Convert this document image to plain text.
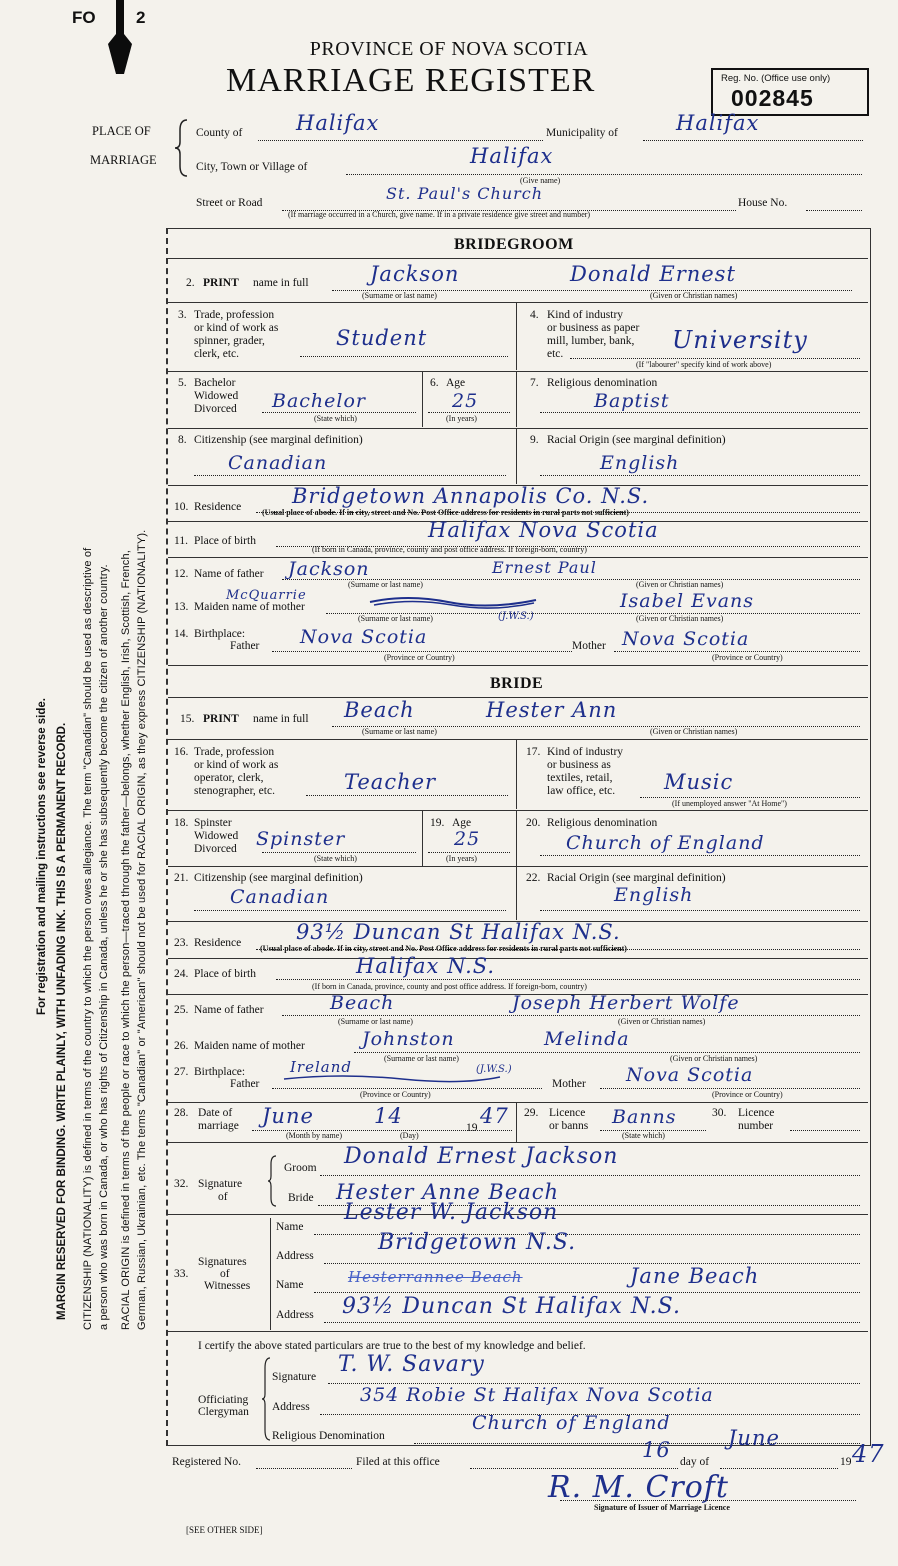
FO 2
PROVINCE OF NOVA SCOTIA
MARRIAGE REGISTER	Reg. No. (Office use only)
002845
PLACE OF
MARRIAGE
County of	Halifax	Municipality of	Halifax
City, Town or Village of	Halifax
(Give name)
Street or Road	St. Paul's Church	House No.
(If marriage occurred in a Church, give name. If in a private residence give street and number)
For registration and mailing instructions see reverse side. MARGIN RESERVED FOR BINDING. WRITE PLAINLY, WITH UNFADING INK. THIS IS A PERMANENT RECORD. CITIZENSHIP (NATIONALITY) is defined in terms of the country to which the person owes allegiance. The term "Canadian" should be used as descriptive of a person who was born in Canada, or who has rights of Citizenship in Canada, unless he or she has subsequently become the citizen of another country. RACIAL ORIGIN is defined in terms of the people or race to which the person—traced through the father—belongs, whether English, Irish, Scottish, French, German, Russian, Ukrainian, etc. The terms "Canadian" or "American" should not be used for RACIAL ORIGIN, as they express CITIZENSHIP (NATIONALITY).
BRIDEGROOM
2. PRINT name in full	Jackson	Donald Ernest
(Surname or last name)	(Given or Christian names)
3. Trade, profession
or kind of work as
spinner, grader,
clerk, etc.
Student
4. Kind of industry
or business as paper
mill, lumber, bank,
etc.	University
(If "labourer" specify kind of work above)
5. Bachelor
Widowed
Divorced Bachelor
(State which)
6. Age
25
(In years)
7. Religious denomination
Baptist
8. Citizenship (see marginal definition)
Canadian
9. Racial Origin (see marginal definition)
English
10. Residence Bridgetown Annapolis Co. N.S.
(Usual place of abode. If in city, street and No. Post Office address for residents in rural parts not sufficient)
11. Place of birth	Halifax Nova Scotia
(If born in Canada, province, county and post office address. If foreign-born, country)
12. Name of father Jackson	Ernest Paul
(Surname or last name)	(Given or Christian names)
McQuarrie
13. Maiden name of mother	Isabel Evans
(J.W.S.)
(Surname or last name)	(Given or Christian names)
14. Birthplace:
Father Nova Scotia	Mother Nova Scotia
(Province or Country)	(Province or Country)
BRIDE
15. PRINT name in full Beach	Hester Ann
(Surname or last name)	(Given or Christian names)
16. Trade, profession
or kind of work as
operator, clerk,
stenographer, etc.	Teacher
17. Kind of industry
or business as
textiles, retail,
law office, etc. Music
(If unemployed answer "At Home")
18. Spinster
Widowed
Divorced Spinster
(State which)
19. Age
25
(In years)
20. Religious denomination
Church of England
21. Citizenship (see marginal definition)
Canadian
22. Racial Origin (see marginal definition)
English
23. Residence	93½ Duncan St Halifax N.S.
(Usual place of abode. If in city, street and No. Post Office address for residents in rural parts not sufficient)
24. Place of birth	Halifax N.S.
(If born in Canada, province, county and post office address. If foreign-born, country)
25. Name of father	Beach	Joseph Herbert Wolfe
(Surname or last name)	(Given or Christian names)
26. Maiden name of mother	Johnston	Melinda
(Surname or last name)	(Given or Christian names)
27. Birthplace:
Father
Ireland	(J.W.S.)
Mother Nova Scotia
(Province or Country)	(Province or Country)
28. Date of
marriage June	14	19 47
(Month by name)	(Day)
29. Licence
or banns Banns
(State which)
30. Licence
number
32. Signature
of
Groom Donald Ernest Jackson
Bride Hester Anne Beach
33.
Signatures
of
Witnesses
Name
Lester W. Jackson
Address
Bridgetown N.S.
Name	Hesterrannee Beach	Jane Beach
Address 93½ Duncan St Halifax N.S.
I certify the above stated particulars are true to the best of my knowledge and belief.
Officiating
Clergyman
Signature T. W. Savary
Address
354 Robie St Halifax Nova Scotia
Religious Denomination
Church of England
Registered No.	Filed at this office	16 day of
June
19 47
R. M. Croft
Signature of Issuer of Marriage Licence
[SEE OTHER SIDE]
